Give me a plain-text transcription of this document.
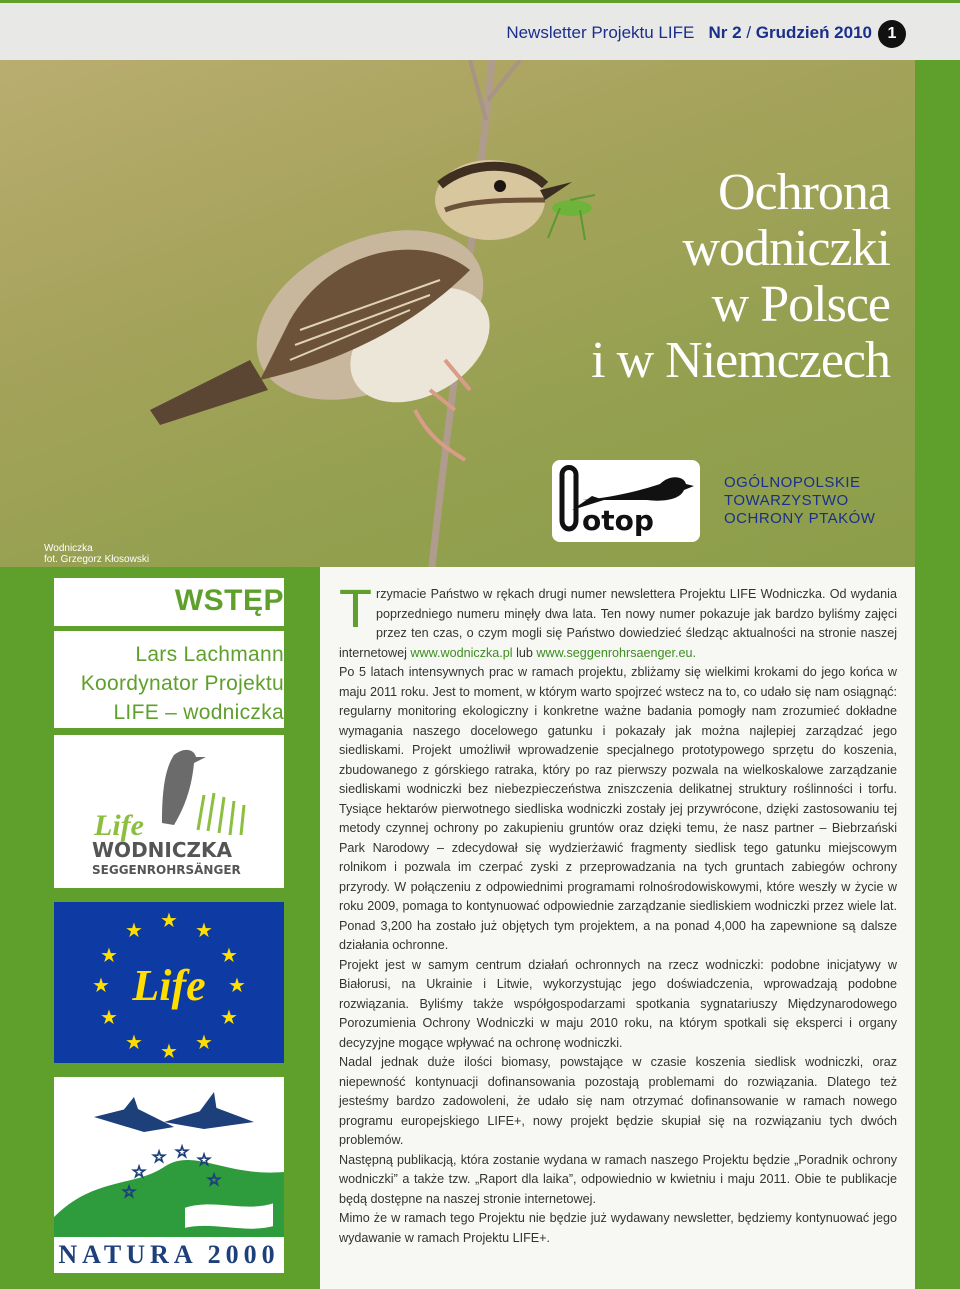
Newsletter Projektu LIFE Nr 2 / Grudzień 2010 1
Ochrona
wodniczki
w Polsce
i w Niemczech
Wodniczka
fot. Grzegorz Kłosowski
otop
OGÓLNOPOLSKIE
TOWARZYSTWO
OCHRONY PTAKÓW
WSTĘP
Lars Lachmann
Koordynator Projektu
LIFE – wodniczka
Life
WODNICZKA
SEGGENROHRSÄNGER
★ ★
★
★
★
★
★
★
★
★
★
★
Life
☆
☆ ☆ ☆
☆
☆
NATURA 2000

Trzymacie Państwo w rękach drugi numer newslettera Projektu LIFE Wodniczka. Od wydania poprzedniego numeru minęły dwa lata. Ten nowy numer pokazuje jak bardzo byliśmy zajęci przez ten czas, o czym mogli się Państwo dowiedzieć śledząc aktualności na stronie naszej internetowej www.wodniczka.pl lub www.seggenrohrsaenger.eu.

Po 5 latach intensywnych prac w ramach projektu, zbliżamy się wielkimi krokami do jego końca w maju 2011 roku. Jest to moment, w którym warto spojrzeć wstecz na to, co udało się nam osiągnąć: regularny monitoring ekologiczny i konkretne ważne badania pomogły nam zrozumieć dokładne wymagania naszego docelowego gatunku i pokazały jak można najlepiej zarządzać jego siedliskami. Projekt umożliwił wprowadzenie specjalnego prototypowego sprzętu do koszenia, zbudowanego z górskiego ratraka, który po raz pierwszy pozwala na wielkoskalowe zarządzanie siedliskami wodniczki bez niebezpieczeństwa zniszczenia delikatnej struktury roślinności i torfu. Tysiące hektarów pierwotnego siedliska wodniczki zostały jej przywrócone, dzięki zastosowaniu tej metody czynnej ochrony po zakupieniu gruntów oraz dzięki temu, że nasz partner – Biebrzański Park Narodowy – zdecydował się wydzierżawić fragmenty siedlisk tego gatunku miejscowym rolnikom i pozwala im czerpać zyski z przeprowadzania na tych gruntach zabiegów ochrony przyrody. W połączeniu z odpowiednimi programami rolnośrodowiskowymi, które weszły w życie w roku 2009, pomaga to kontynuować odpowiednie zarządzanie siedliskiem wodniczki przez wiele lat. Ponad 3,200 ha zostało już objętych tym projektem, a na ponad 4,000 ha zapewnione są dalsze działania ochronne.

Projekt jest w samym centrum działań ochronnych na rzecz wodniczki: podobne inicjatywy w Białorusi, na Ukrainie i Litwie, wykorzystując jego doświadczenia, wprowadzają podobne rozwiązania. Byliśmy także współgospodarzami spotkania sygnatariuszy Międzynarodowego Porozumienia Ochrony Wodniczki w maju 2010 roku, na którym spotkali się eksperci i organy decyzyjne mogące wpływać na ochronę wodniczki.

Nadal jednak duże ilości biomasy, powstające w czasie koszenia siedlisk wodniczki, oraz niepewność kontynuacji dofinansowania pozostają problemami do rozwiązania. Dlatego też jesteśmy bardzo zadowoleni, że udało się nam otrzymać dofinansowanie w ramach nowego programu europejskiego LIFE+, nowy projekt będzie skupiał się na rozwiązaniu tych dwóch problemów.

Następną publikacją, która zostanie wydana w ramach naszego Projektu będzie „Poradnik ochrony wodniczki” a także tzw. „Raport dla laika”, odpowiednio w kwietniu i maju 2011. Obie te publikacje będą dostępne na naszej stronie internetowej.

Mimo że w ramach tego Projektu nie będzie już wydawany newsletter, będziemy kontynuować jego wydawanie w ramach Projektu LIFE+.
